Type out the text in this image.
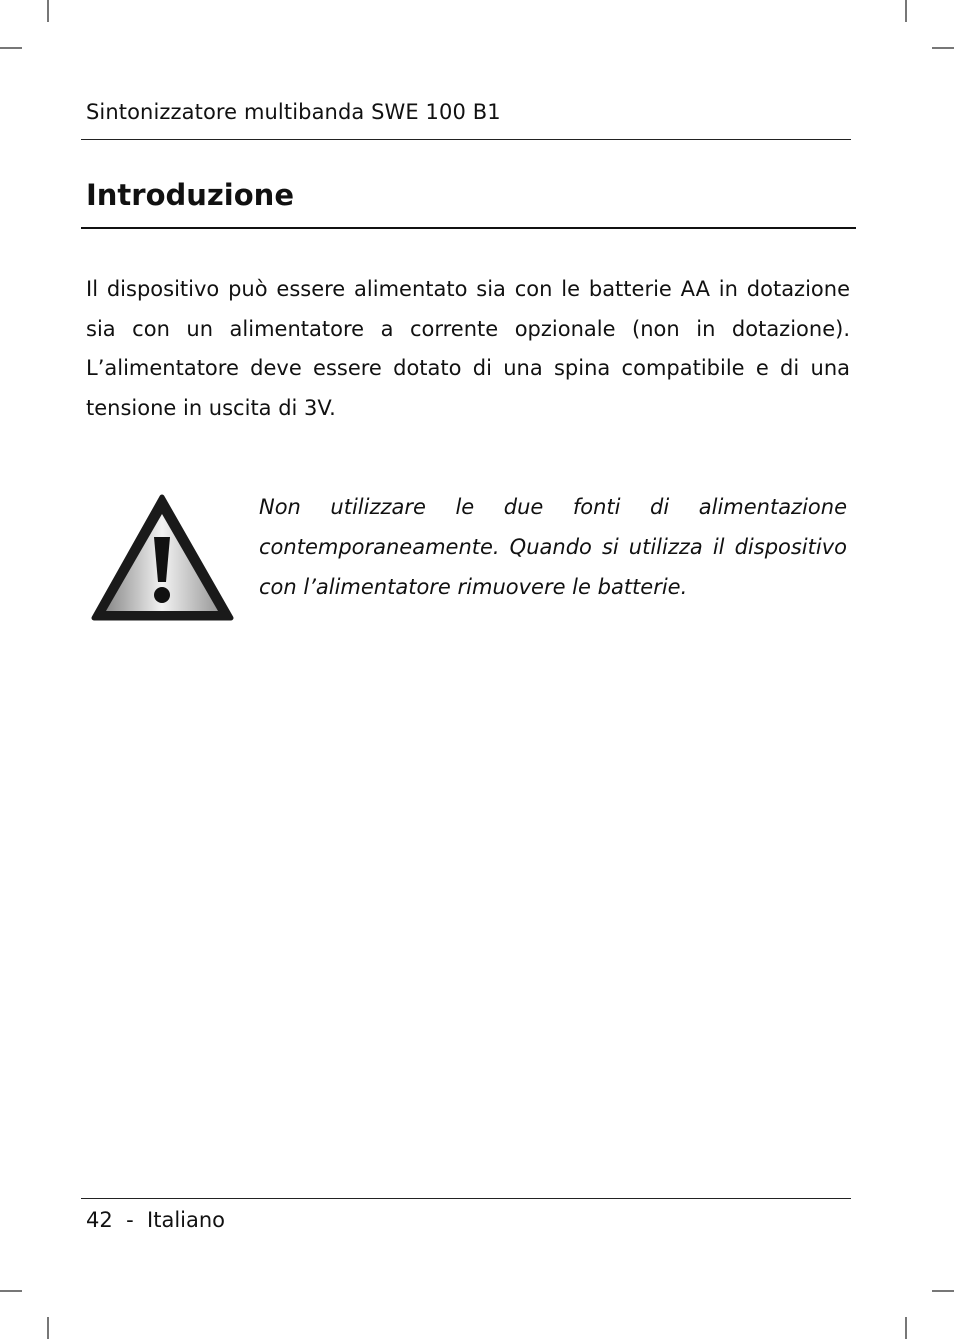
Sintonizzatore multibanda SWE 100 B1
Introduzione

Il dispositivo può essere alimentato sia con le batterie AA in dotazione sia con un alimentatore a corrente opzionale (non in dotazione). L’alimentatore deve essere dotato di una spina compatibile e di una tensione in uscita di 3V.

Non utilizzare le due fonti di alimentazione contemporaneamente. Quando si utilizza il dispositivo con l’alimentatore rimuovere le batterie.

42 - Italiano
